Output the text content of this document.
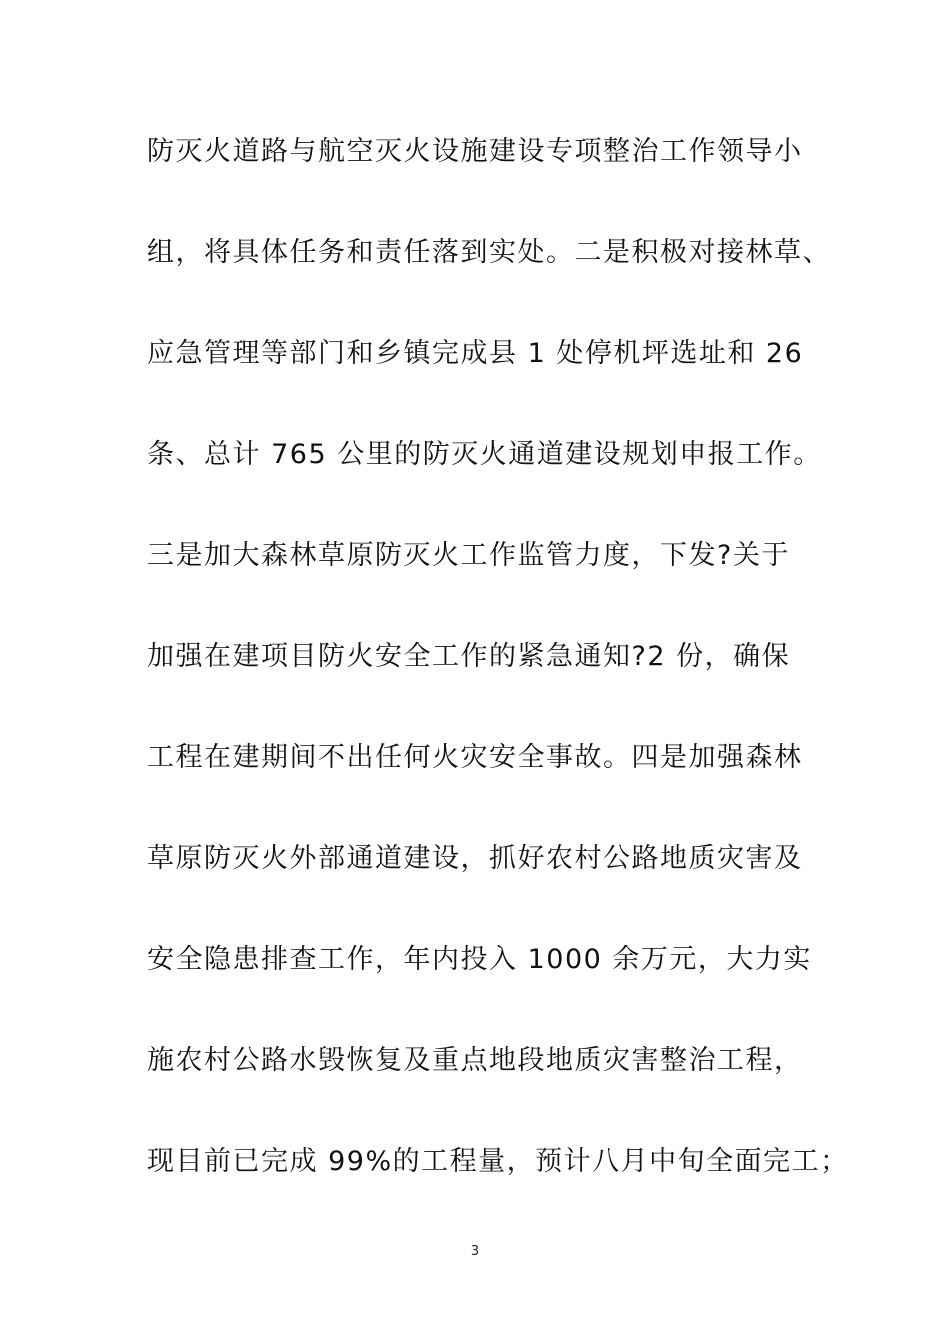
防灭火道路与航空灭火设施建设专项整治工作领导小
组，将具体任务和责任落到实处。二是积极对接林草、
应急管理等部门和乡镇完成县 1 处停机坪选址和 26
条、总计 765 公里的防灭火通道建设规划申报工作。
三是加大森林草原防灭火工作监管力度，下发?关于
加强在建项目防火安全工作的紧急通知?2 份，确保
工程在建期间不出任何火灾安全事故。四是加强森林
草原防灭火外部通道建设，抓好农村公路地质灾害及
安全隐患排查工作，年内投入 1000 余万元，大力实
施农村公路水毁恢复及重点地段地质灾害整治工程，
现目前已完成 99%的工程量，预计八月中旬全面完工；
3
